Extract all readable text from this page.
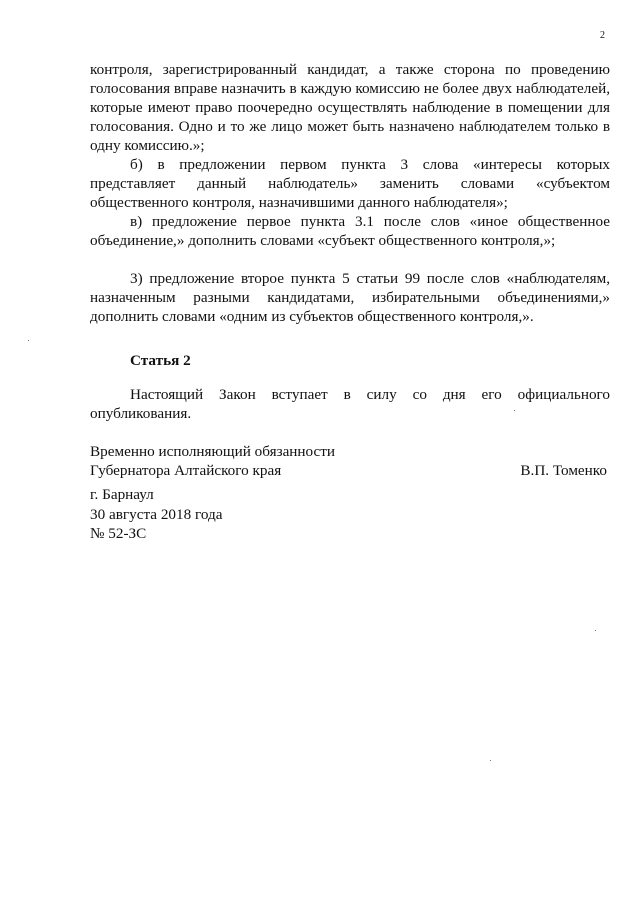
2

контроля, зарегистрированный кандидат, а также сторона по проведению голосования вправе назначить в каждую комиссию не более двух наблюдателей, которые имеют право поочередно осуществлять наблюдение в помещении для голосования. Одно и то же лицо может быть назначено наблюдателем только в одну комиссию.»;

б) в предложении первом пункта 3 слова «интересы которых представляет данный наблюдатель» заменить словами «субъектом общественного контроля, назначившими данного наблюдателя»;

в) предложение первое пункта 3.1 после слов «иное общественное объединение,» дополнить словами «субъект общественного контроля,»;

3) предложение второе пункта 5 статьи 99 после слов «наблюдателям, назначенным разными кандидатами, избирательными объединениями,» дополнить словами «одним из субъектов общественного контроля,».

Статья 2

Настоящий Закон вступает в силу со дня его официального опубликования.

Временно исполняющий обязанности
Губернатора Алтайского края	В.П. Томенко
г. Барнаул
30 августа 2018 года
№ 52-ЗС
